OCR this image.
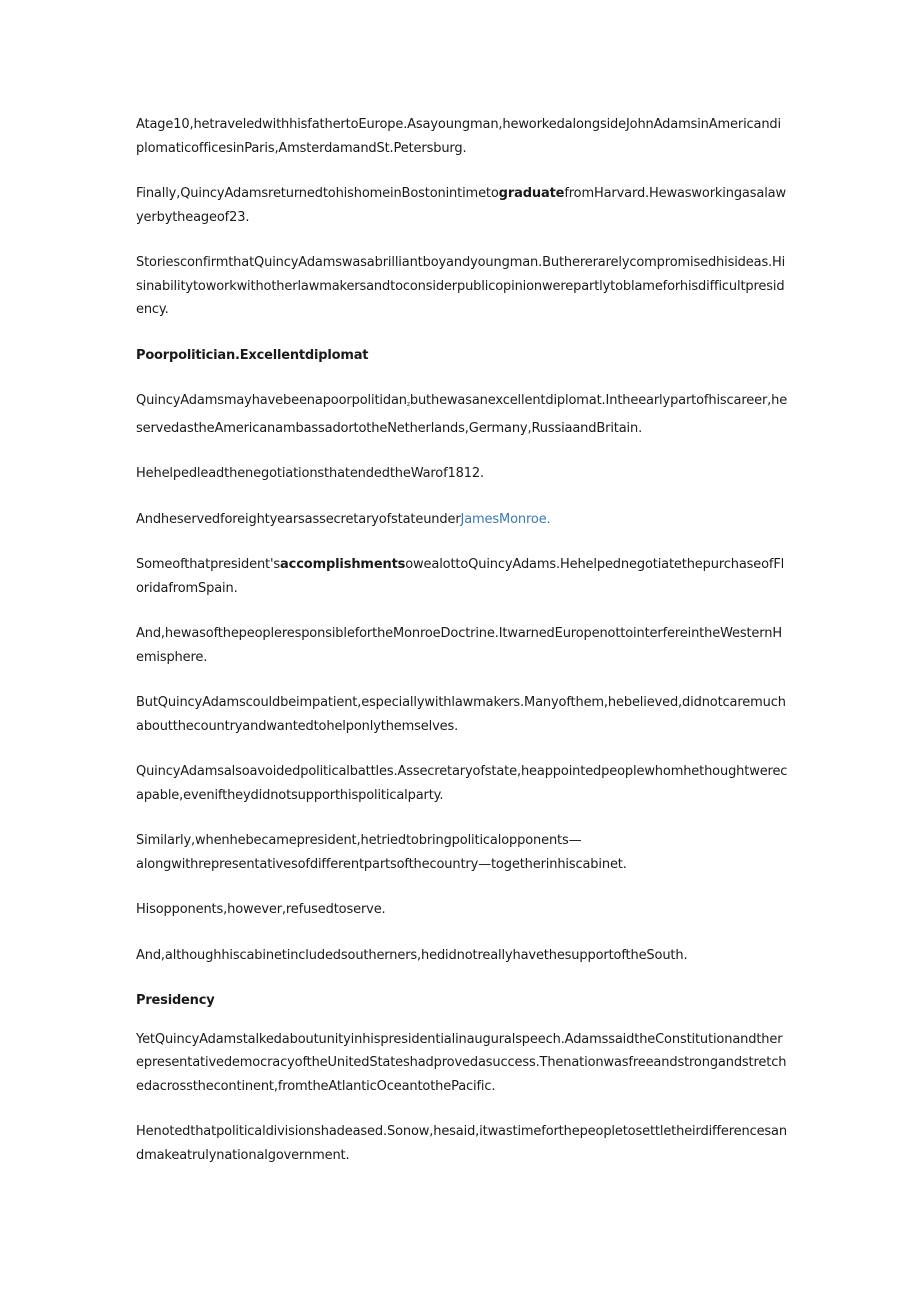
Atage10,hetraveledwithhisfathertoEurope.Asayoungman,heworkedalongsideJohnAdamsinAmericandiplomaticofficesinParis,AmsterdamandSt.Petersburg.

Finally,QuincyAdamsreturnedtohishomeinBostonintimetograduatefromHarvard.Hewasworkingasalawyerbytheageof23.

StoriesconfirmthatQuincyAdamswasabrilliantboyandyoungman.Buthererarelycompromisedhisideas.Hisinabilitytoworkwithotherlawmakersandtoconsiderpublicopinionwerepartlytoblameforhisdifficultpresidency.

Poorpolitician.Excellentdiplomat

QuincyAdamsmayhavebeenapoorpolitidanzbuthewasanexcellentdiplomat.Intheearlypartofhiscareer,heservedastheAmericanambassadortotheNetherlands,Germany,RussiaandBritain.

HehelpedleadthenegotiationsthatendedtheWarof1812.

AndheservedforeightyearsassecretaryofstateunderJamesMonroe.

Someofthatpresident'saccomplishmentsowealottoQuincyAdams.HehelpednegotiatethepurchaseofFloridafromSpain.

And,hewasofthepeopleresponsiblefortheMonroeDoctrine.ItwarnedEuropenottointerfereintheWesternHemisphere.

ButQuincyAdamscouldbeimpatient,especiallywithlawmakers.Manyofthem,hebelieved,didnotcaremuchaboutthecountryandwantedtohelponlythemselves.

QuincyAdamsalsoavoidedpoliticalbattles.Assecretaryofstate,heappointedpeoplewhomhethoughtwerecapable,eveniftheydidnotsupporthispoliticalparty.

Similarly,whenhebecamepresident,hetriedtobringpoliticalopponents—
alongwithrepresentativesofdifferentpartsofthecountry—togetherinhiscabinet.

Hisopponents,however,refusedtoserve.

And,althoughhiscabinetincludedsoutherners,hedidnotreallyhavethesupportoftheSouth.

Presidency

YetQuincyAdamstalkedaboutunityinhispresidentialinauguralspeech.AdamssaidtheConstitutionandtherepresentativedemocracyoftheUnitedStateshadprovedasuccess.Thenationwasfreeandstrongandstretchedacrossthecontinent,fromtheAtlanticOceantothePacific.

Henotedthatpoliticaldivisionshadeased.Sonow,hesaid,itwastimeforthepeopletosettletheirdifferencesandmakeatrulynationalgovernment.
